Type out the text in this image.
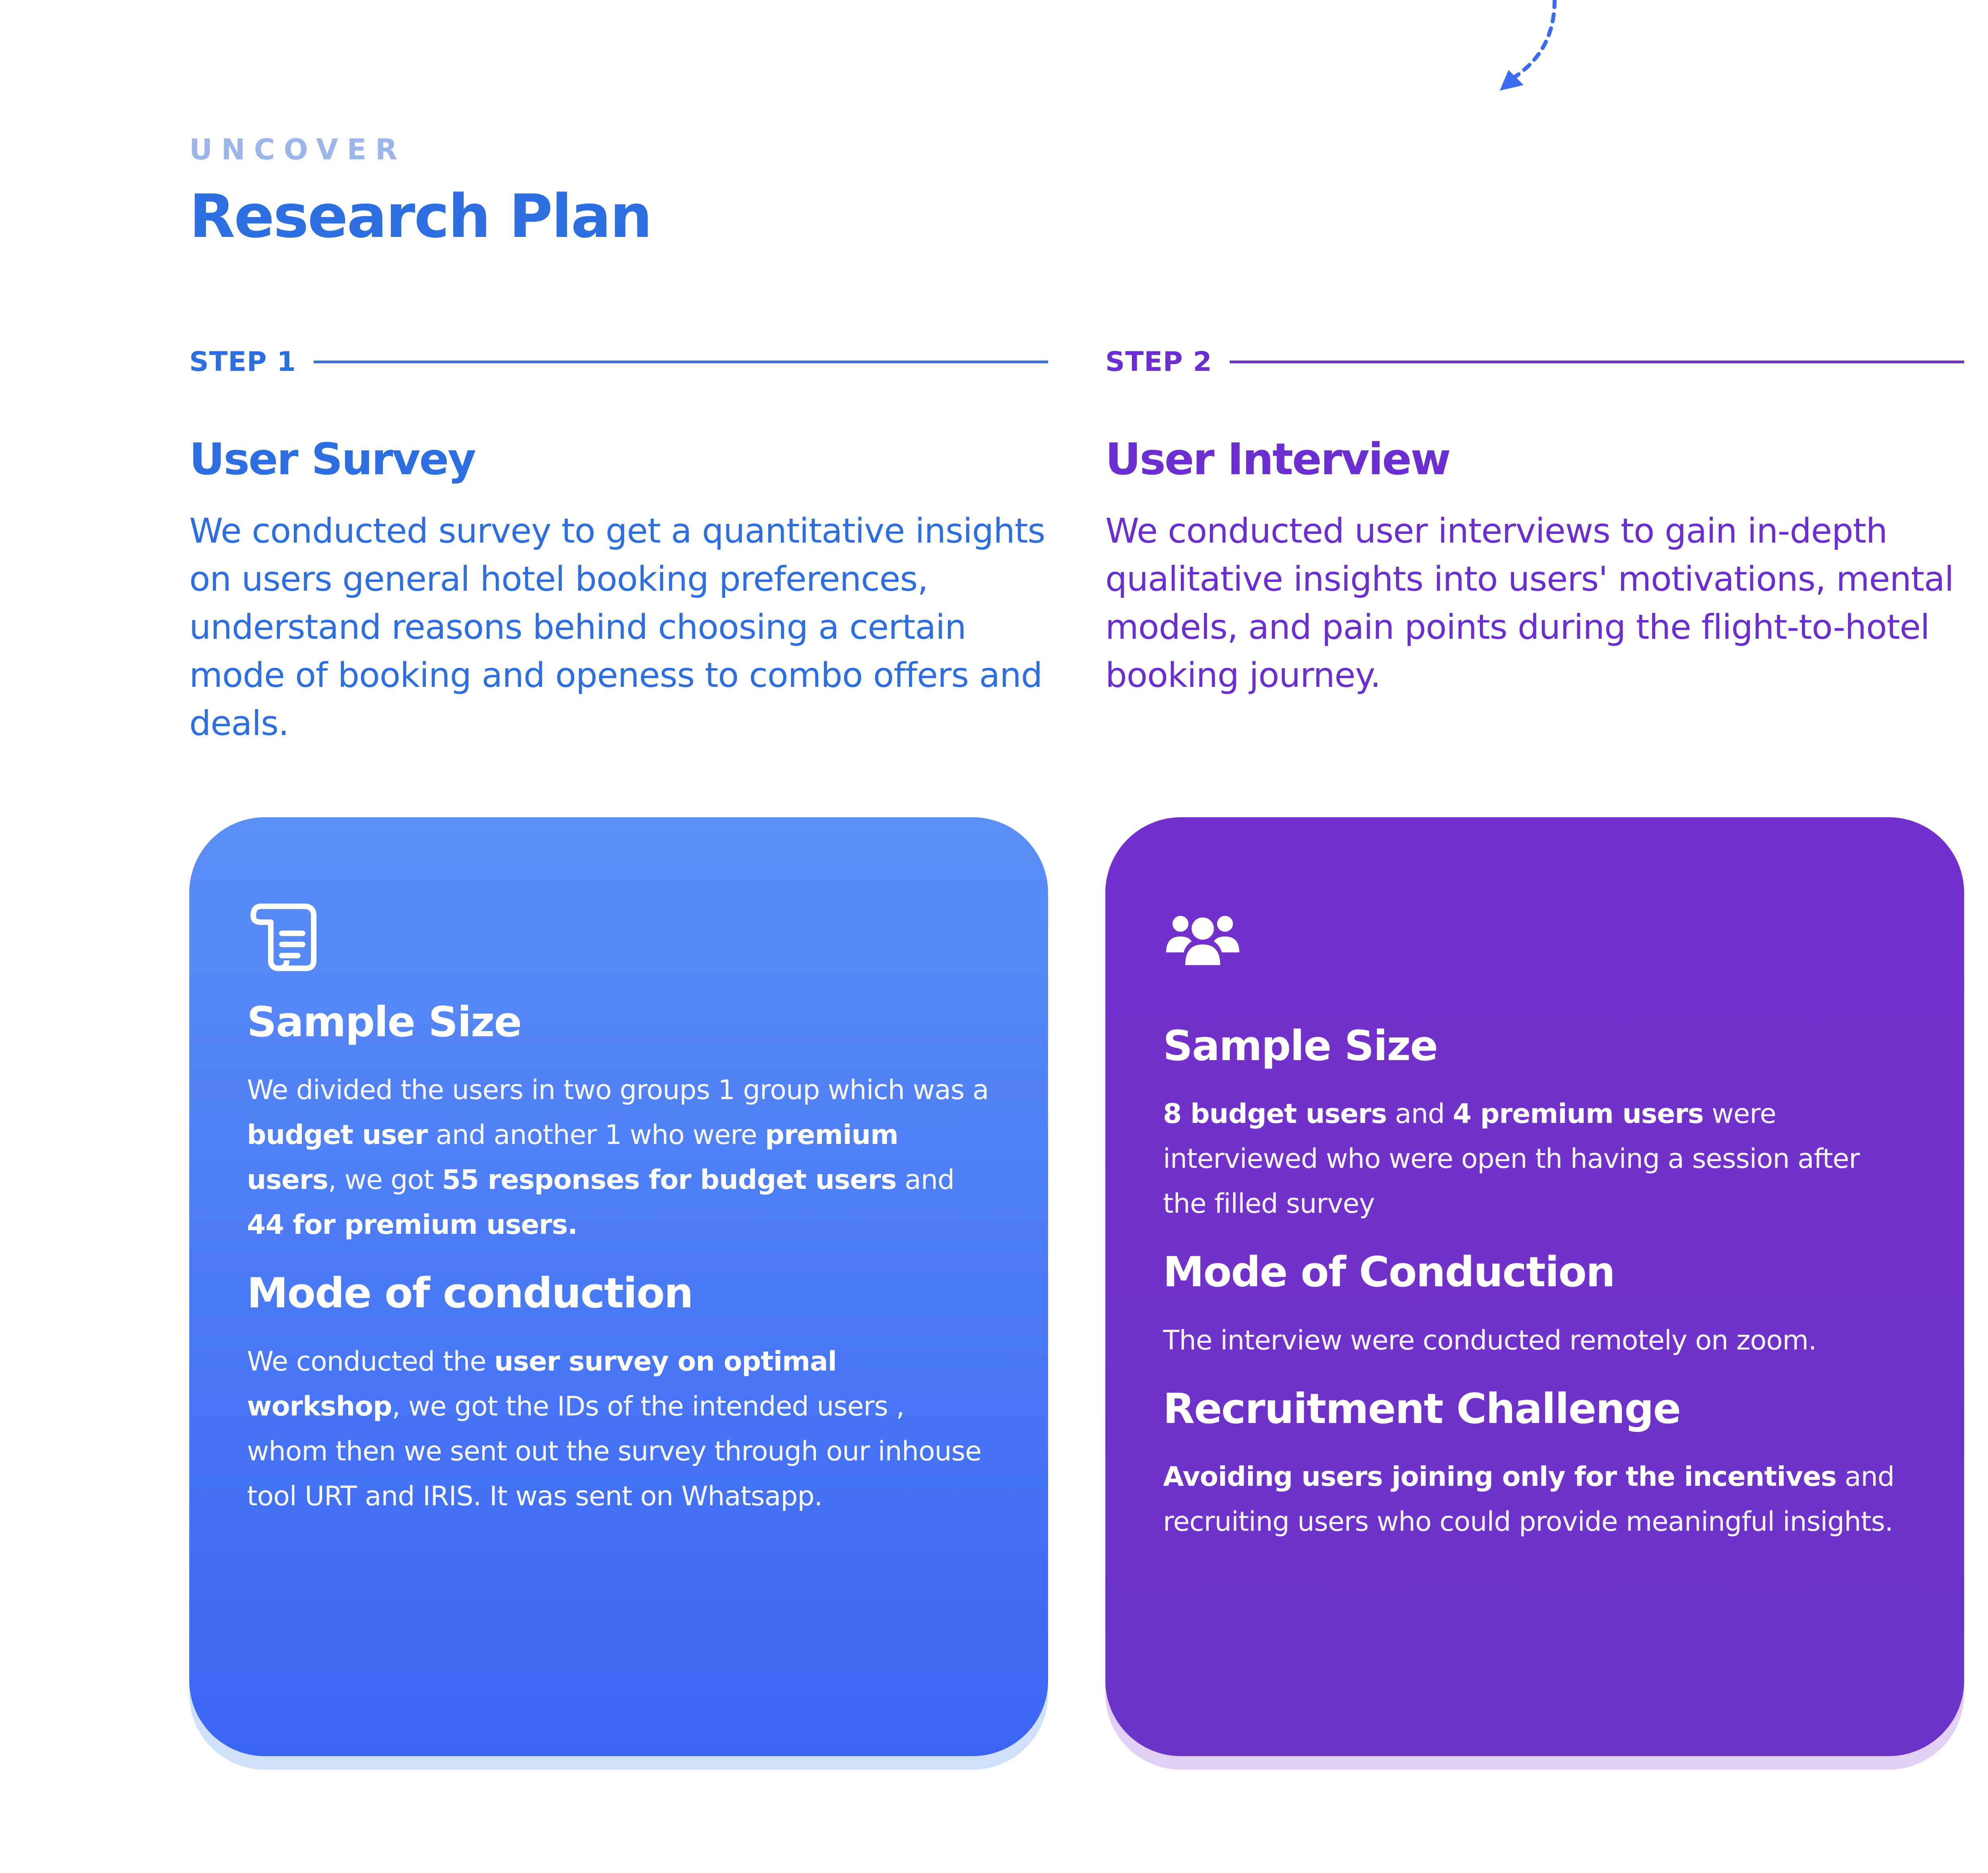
UNCOVER
Research Plan
STEP 1
User Survey
We conducted survey to get a quantitative insights on users general hotel booking preferences, understand reasons behind choosing a certain mode of booking and openess to combo offers and deals.
STEP 2
User Interview
We conducted user interviews to gain in-depth qualitative insights into users' motivations, mental models, and pain points during the flight-to-hotel booking journey.
Sample Size

We divided the users in two groups 1 group which was a budget user and another 1 who were premium users, we got 55 responses for budget users and 44 for premium users.

Mode of conduction

We conducted the user survey on optimal workshop, we got the IDs of the intended users , whom then we sent out the survey through our inhouse tool URT and IRIS. It was sent on Whatsapp.

Sample Size

8 budget users and 4 premium users were interviewed who were open th having a session after the filled survey

Mode of Conduction

The interview were conducted remotely on zoom.

Recruitment Challenge

Avoiding users joining only for the incentives and recruiting users who could provide meaningful insights.
